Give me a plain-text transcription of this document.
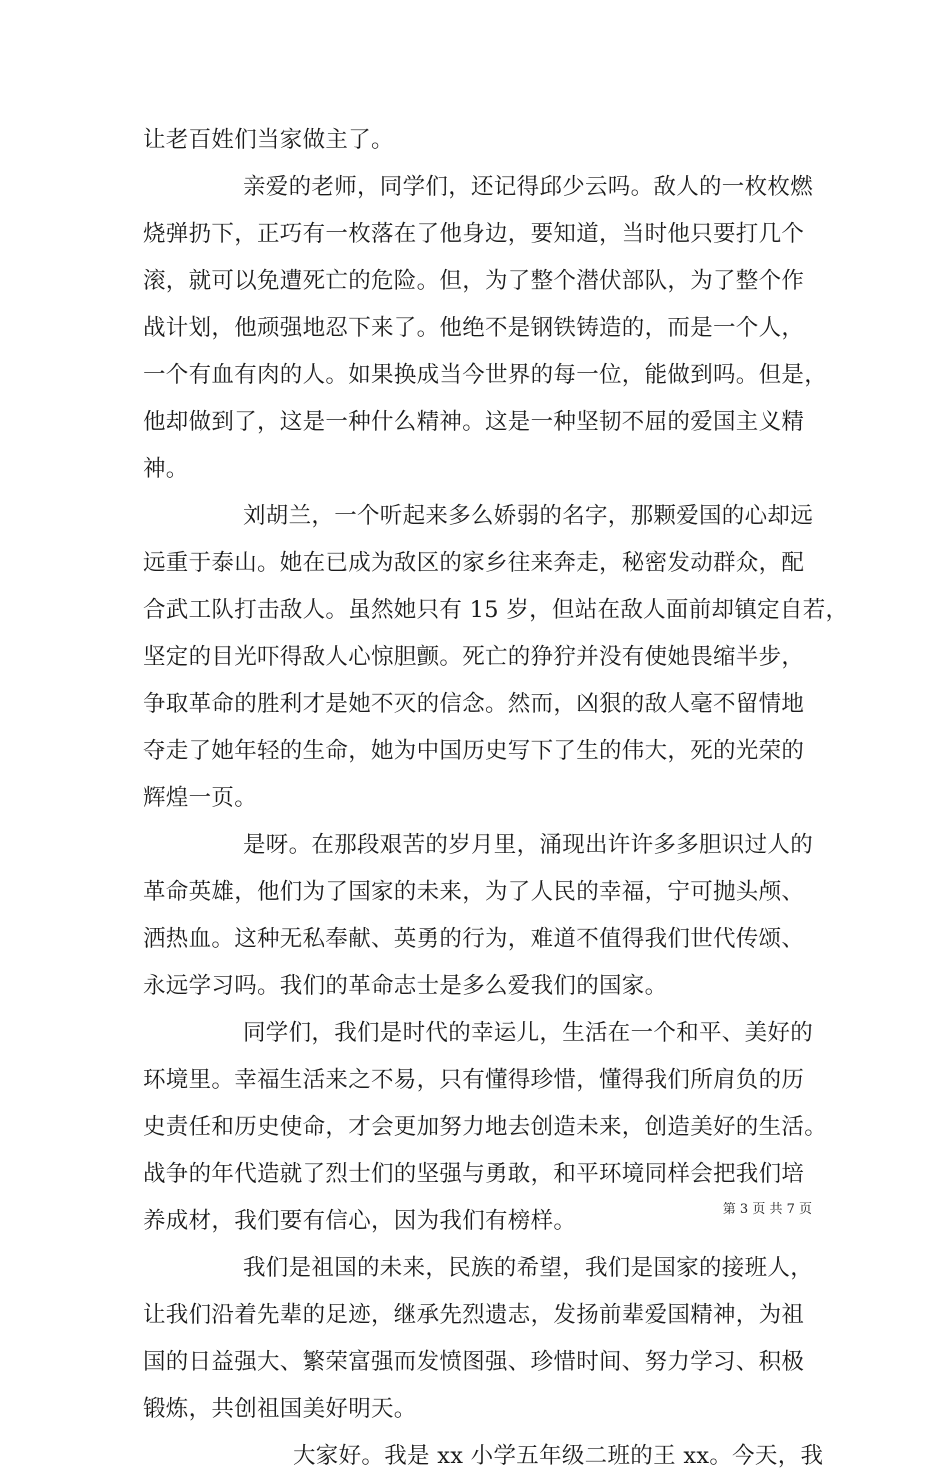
让老百姓们当家做主了。
亲爱的老师，同学们，还记得邱少云吗。敌人的一枚枚燃
烧弹扔下，正巧有一枚落在了他身边，要知道，当时他只要打几个
滚，就可以免遭死亡的危险。但，为了整个潜伏部队，为了整个作
战计划，他顽强地忍下来了。他绝不是钢铁铸造的，而是一个人，
一个有血有肉的人。如果换成当今世界的每一位，能做到吗。但是，
他却做到了，这是一种什么精神。这是一种坚韧不屈的爱国主义精
神。
刘胡兰，一个听起来多么娇弱的名字，那颗爱国的心却远
远重于泰山。她在已成为敌区的家乡往来奔走，秘密发动群众，配
合武工队打击敌人。虽然她只有 15 岁，但站在敌人面前却镇定自若，
坚定的目光吓得敌人心惊胆颤。死亡的狰狞并没有使她畏缩半步，
争取革命的胜利才是她不灭的信念。然而，凶狠的敌人毫不留情地
夺走了她年轻的生命，她为中国历史写下了生的伟大，死的光荣的
辉煌一页。
是呀。在那段艰苦的岁月里，涌现出许许多多胆识过人的
革命英雄，他们为了国家的未来，为了人民的幸福，宁可抛头颅、
洒热血。这种无私奉献、英勇的行为，难道不值得我们世代传颂、
永远学习吗。我们的革命志士是多么爱我们的国家。
同学们，我们是时代的幸运儿，生活在一个和平、美好的
环境里。幸福生活来之不易，只有懂得珍惜，懂得我们所肩负的历
史责任和历史使命，才会更加努力地去创造未来，创造美好的生活。
战争的年代造就了烈士们的坚强与勇敢，和平环境同样会把我们培
养成材，我们要有信心，因为我们有榜样。
我们是祖国的未来，民族的希望，我们是国家的接班人，
让我们沿着先辈的足迹，继承先烈遗志，发扬前辈爱国精神，为祖
国的日益强大、繁荣富强而发愤图强、珍惜时间、努力学习、积极
锻炼，共创祖国美好明天。
大家好。我是 xx 小学五年级二班的王 xx。今天，我
第 3 页 共 7 页
